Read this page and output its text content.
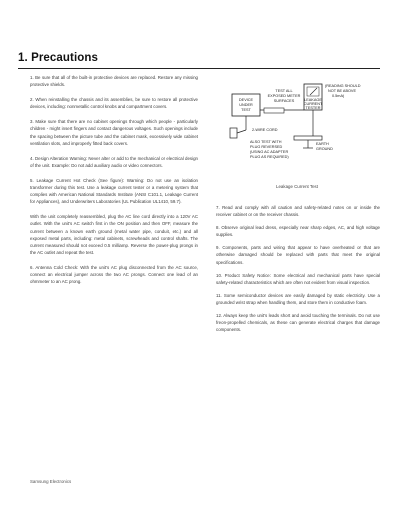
1. Precautions

1. Be sure that all of the built-in protective devices are replaced. Restore any missing protective shields.

2. When reinstalling the chassis and its assemblies, be sure to restore all protective devices, including: nonmetallic control knobs and compartment covers.

3. Make sure that there are no cabinet openings through which people - particularly children - might insert fingers and contact dangerous voltages. Such openings include the spacing between the picture tube and the cabinet mask, excessively wide cabinet ventilation slots, and improperly fitted back covers.

4. Design Alteration Warning: Never alter or add to the mechanical or electrical design of the unit. Example: Do not add auxiliary audio or video connectors.

5. Leakage Current Hot Check (See figure): Warning: Do not use an isolation transformer during this test. Use a leakage current tester or a metering system that complies with American National Standards Institute (ANSI C101.1, Leakage Current for Appliances), and Underwriters Laboratories (UL Publication UL1410, 59.7).

With the unit completely reassembled, plug the AC line cord directly into a 120V AC outlet. With the unit's AC switch first in the ON position and then OFF, measure the current between a known earth ground (metal water pipe, conduit, etc.) and all exposed metal parts, including: metal cabinets, screwheads and control shafts. The current measured should not exceed 0.5 milliamp. Reverse the power-plug prongs in the AC outlet and repeat the test.

6. Antenna Cold Check: With the unit's AC plug disconnected from the AC source, connect an electrical jumper across the two AC prongs. Connect one lead of an ohmmeter to an AC prong.

DEVICE
UNDER
TEST
TEST ALL
EXPOSED METER
SURFACES	LEAKAGE
CURRENT
TESTER
(READING SHOULD
NOT BE ABOVE
0.5mA)
EARTH
GROUND
2-WIRE CORD
ALSO TEST WITH
PLUG REVERSED
(USING AC ADAPTER
PLUG AS REQUIRED)
Leakage Current Test

7. Read and comply with all caution and safety-related notes on or inside the receiver cabinet or on the receiver chassis.

8. Observe original lead dress, especially near sharp edges, AC, and high voltage supplies.

9. Components, parts and wiring that appear to have overheated or that are otherwise damaged should be replaced with parts that meet the original specifications.

10. Product Safety Notice: Some electrical and mechanical parts have special safety-related characteristics which are often not evident from visual inspection.

11. Some semiconductor devices are easily damaged by static electricity. Use a grounded wrist strap when handling them, and store them in conductive foam.

12. Always keep the unit's leads short and avoid touching the terminals. Do not use freon-propelled chemicals, as these can generate electrical charges that damage components.

Samsung Electronics
